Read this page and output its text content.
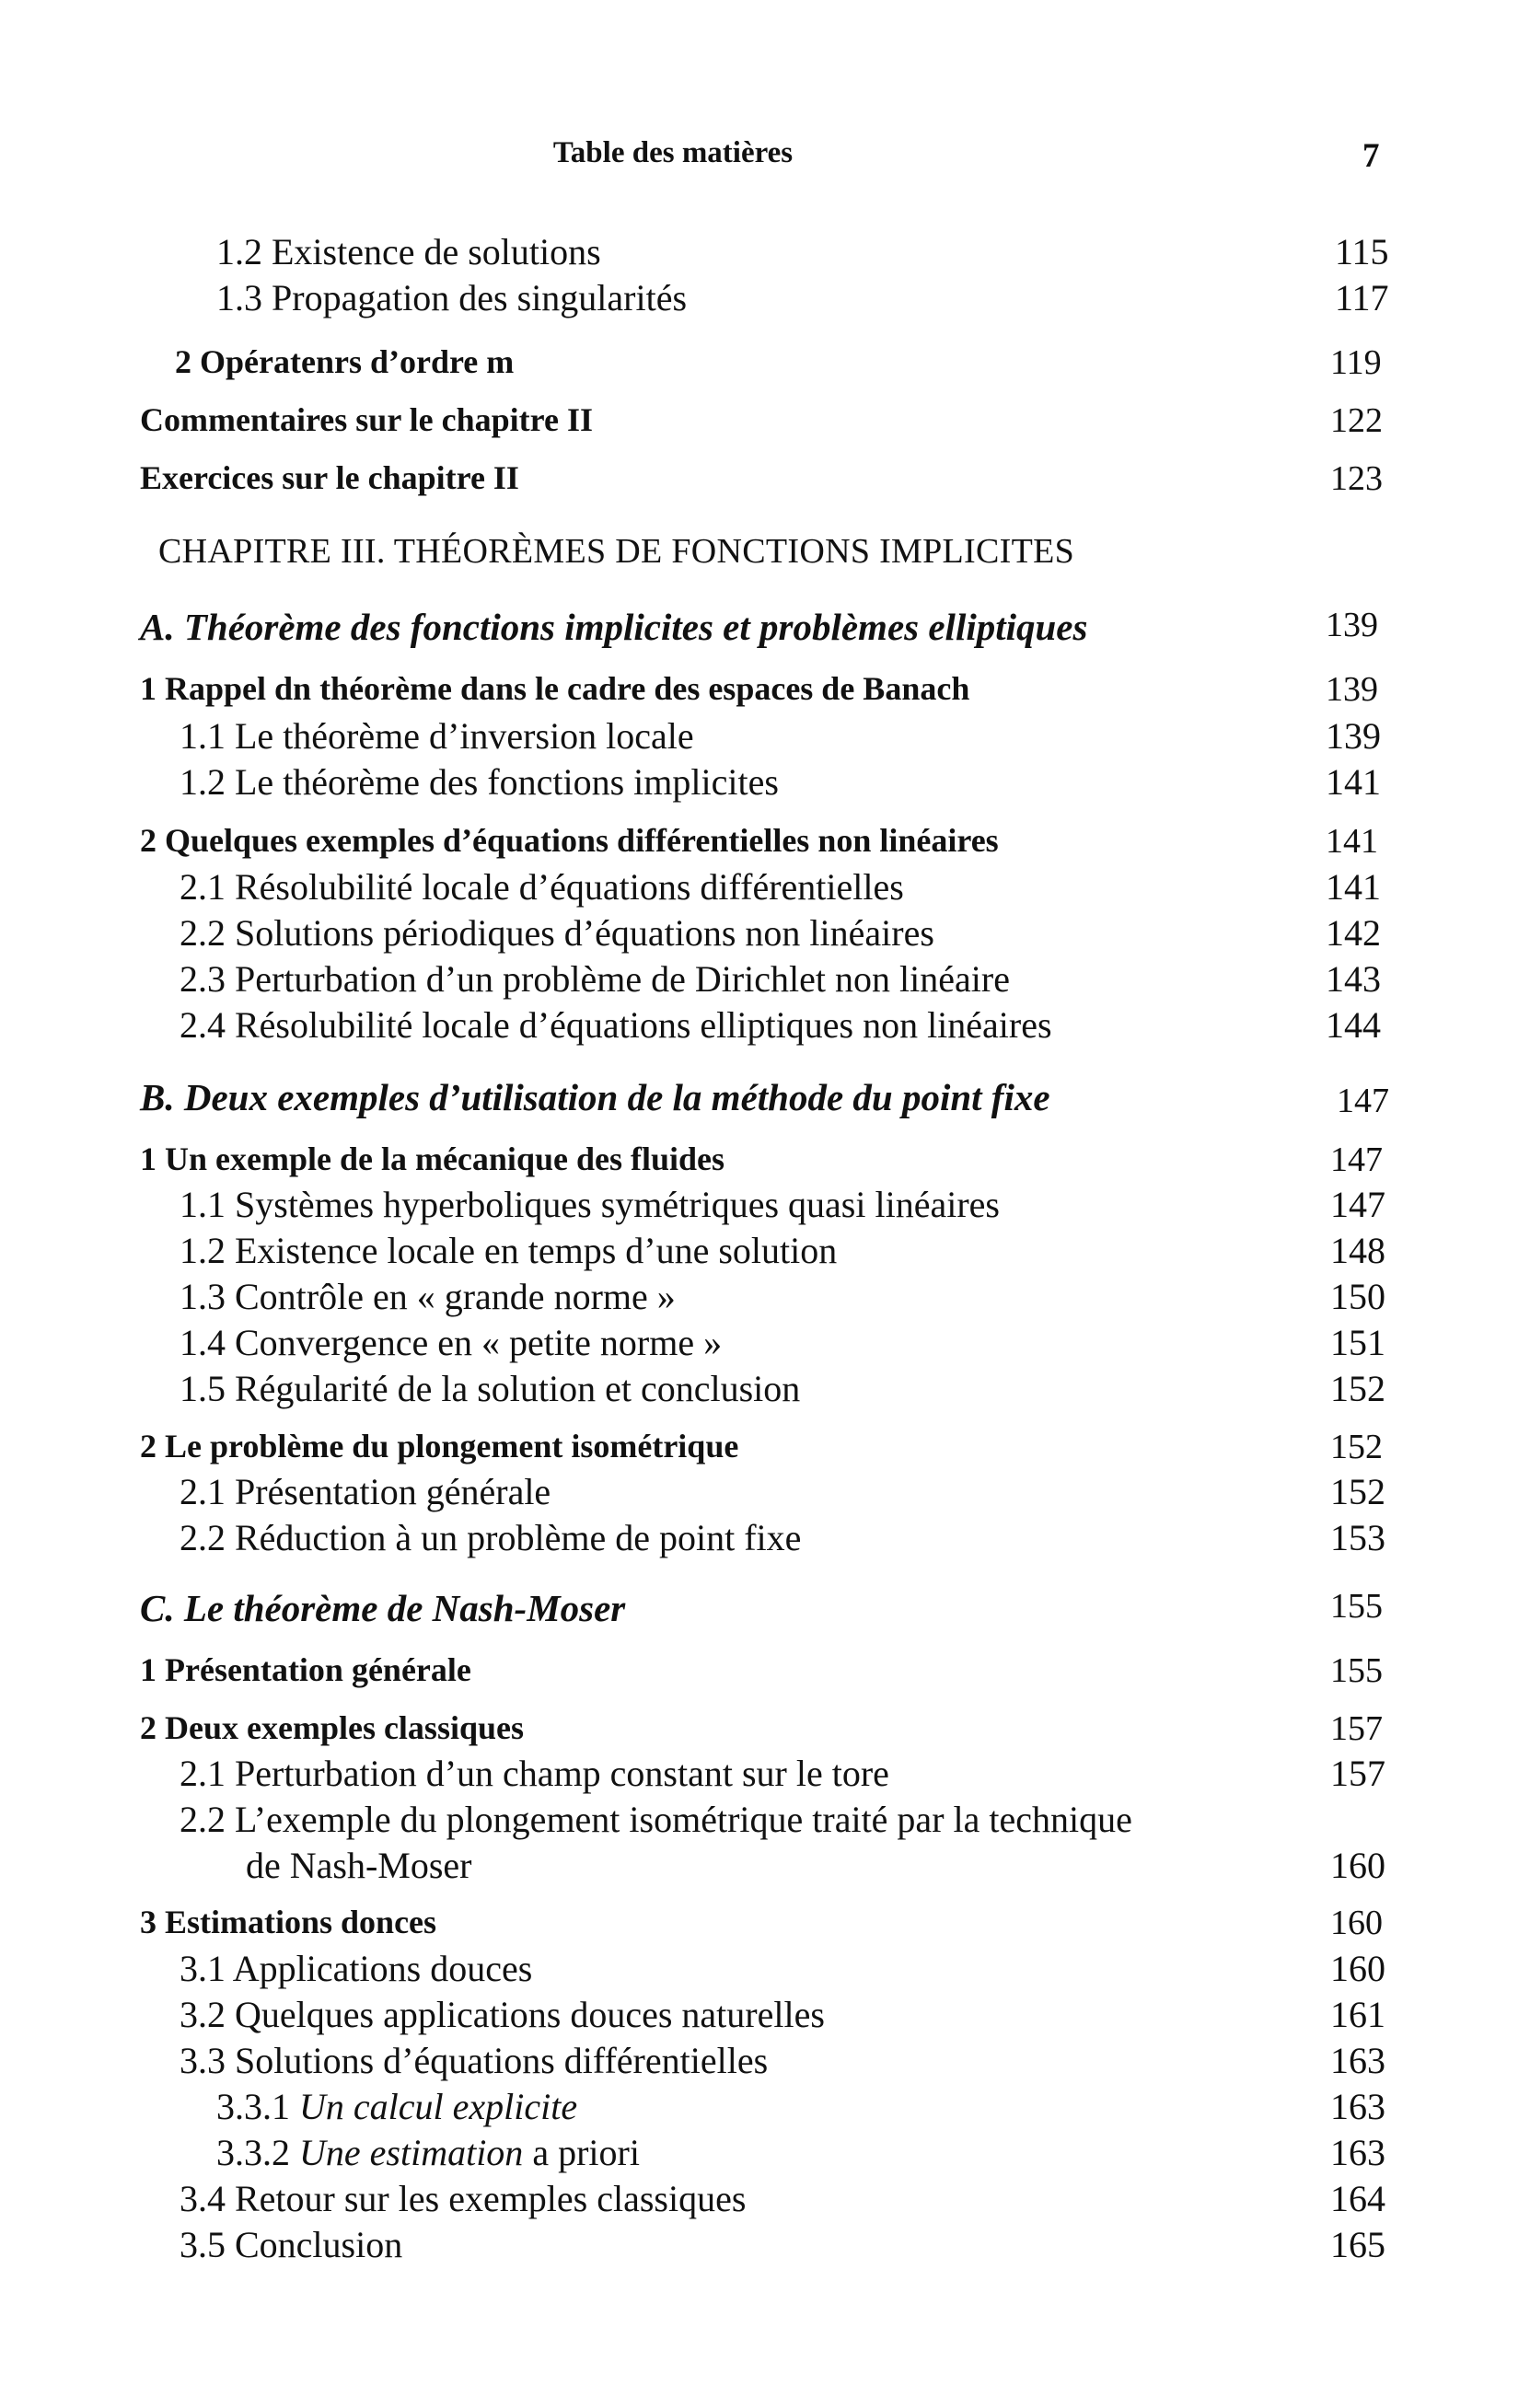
Table des matières	7
1.2 Existence de solutions	115
1.3 Propagation des singularités	117
2 Opératenrs d’ordre m	119
Commentaires sur le chapitre II	122
Exercices sur le chapitre II	123
CHAPITRE III. THÉORÈMES DE FONCTIONS IMPLICITES
A. Théorème des fonctions implicites et problèmes elliptiques	139
1 Rappel dn théorème dans le cadre des espaces de Banach	139
1.1 Le théorème d’inversion locale	139
1.2 Le théorème des fonctions implicites	141
2 Quelques exemples d’équations différentielles non linéaires	141
2.1 Résolubilité locale d’équations différentielles	141
2.2 Solutions périodiques d’équations non linéaires	142
2.3 Perturbation d’un problème de Dirichlet non linéaire	143
2.4 Résolubilité locale d’équations elliptiques non linéaires	144
B. Deux exemples d’utilisation de la méthode du point fixe	147
1 Un exemple de la mécanique des fluides	147
1.1 Systèmes hyperboliques symétriques quasi linéaires	147
1.2 Existence locale en temps d’une solution	148
1.3 Contrôle en « grande norme »	150
1.4 Convergence en « petite norme »	151
1.5 Régularité de la solution et conclusion	152
2 Le problème du plongement isométrique	152
2.1 Présentation générale	152
2.2 Réduction à un problème de point fixe	153
C. Le théorème de Nash-Moser	155
1 Présentation générale	155
2 Deux exemples classiques	157
2.1 Perturbation d’un champ constant sur le tore	157
2.2 L’exemple du plongement isométrique traité par la technique
de Nash-Moser	160
3 Estimations donces	160
3.1 Applications douces	160
3.2 Quelques applications douces naturelles	161
3.3 Solutions d’équations différentielles	163
3.3.1 Un calcul explicite	163
3.3.2 Une estimation a priori	163
3.4 Retour sur les exemples classiques	164
3.5 Conclusion	165
